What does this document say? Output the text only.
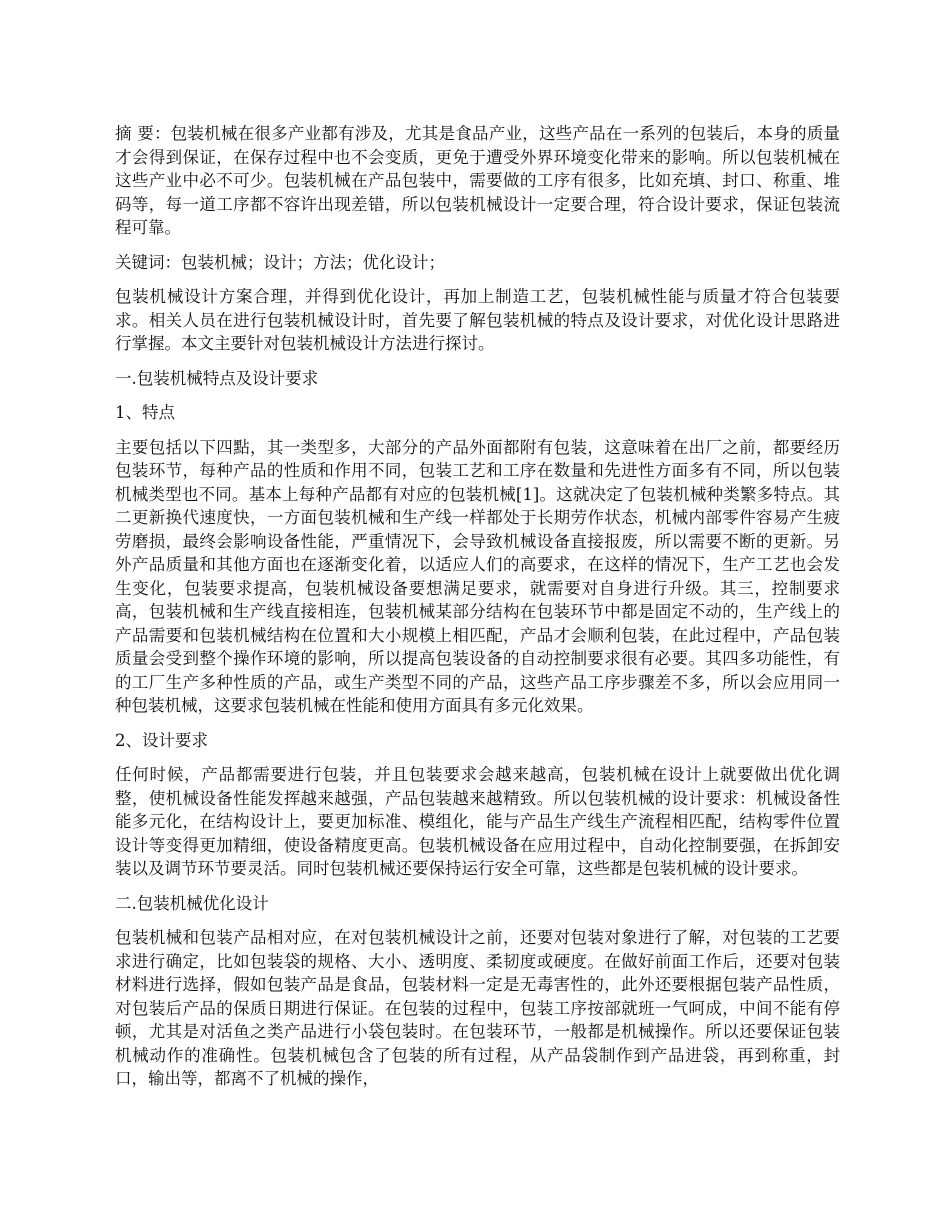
摘 要：包装机械在很多产业都有涉及，尤其是食品产业，这些产品在一系列的包装后，本身的质量才会得到保证，在保存过程中也不会变质，更免于遭受外界环境变化带来的影响。所以包装机械在这些产业中必不可少。包装机械在产品包装中，需要做的工序有很多，比如充填、封口、称重、堆码等，每一道工序都不容许出现差错，所以包装机械设计一定要合理，符合设计要求，保证包装流程可靠。

关键词：包装机械；设计；方法；优化设计；

包装机械设计方案合理，并得到优化设计，再加上制造工艺，包装机械性能与质量才符合包装要求。相关人员在进行包装机械设计时，首先要了解包装机械的特点及设计要求，对优化设计思路进行掌握。本文主要针对包装机械设计方法进行探讨。

一.包装机械特点及设计要求

1、特点

主要包括以下四點，其一类型多，大部分的产品外面都附有包装，这意味着在出厂之前，都要经历包装环节，每种产品的性质和作用不同，包装工艺和工序在数量和先进性方面多有不同，所以包装机械类型也不同。基本上每种产品都有对应的包装机械[1]。这就决定了包装机械种类繁多特点。其二更新换代速度快，一方面包装机械和生产线一样都处于长期劳作状态，机械内部零件容易产生疲劳磨损，最终会影响设备性能，严重情况下，会导致机械设备直接报废，所以需要不断的更新。另外产品质量和其他方面也在逐渐变化着，以适应人们的高要求，在这样的情况下，生产工艺也会发生变化，包装要求提高，包装机械设备要想满足要求，就需要对自身进行升级。其三，控制要求高，包装机械和生产线直接相连，包装机械某部分结构在包装环节中都是固定不动的，生产线上的产品需要和包装机械结构在位置和大小规模上相匹配，产品才会顺利包装，在此过程中，产品包装质量会受到整个操作环境的影响，所以提高包装设备的自动控制要求很有必要。其四多功能性，有的工厂生产多种性质的产品，或生产类型不同的产品，这些产品工序步骤差不多，所以会应用同一种包装机械，这要求包装机械在性能和使用方面具有多元化效果。

2、设计要求

任何时候，产品都需要进行包装，并且包装要求会越来越高，包装机械在设计上就要做出优化调整，使机械设备性能发挥越来越强，产品包装越来越精致。所以包装机械的设计要求：机械设备性能多元化，在结构设计上，要更加标准、模组化，能与产品生产线生产流程相匹配，结构零件位置设计等变得更加精细，使设备精度更高。包装机械设备在应用过程中，自动化控制要强，在拆卸安装以及调节环节要灵活。同时包装机械还要保持运行安全可靠，这些都是包装机械的设计要求。

二.包装机械优化设计

包装机械和包装产品相对应，在对包装机械设计之前，还要对包装对象进行了解，对包装的工艺要求进行确定，比如包装袋的规格、大小、透明度、柔韧度或硬度。在做好前面工作后，还要对包装材料进行选择，假如包装产品是食品，包装材料一定是无毒害性的，此外还要根据包装产品性质，对包装后产品的保质日期进行保证。在包装的过程中，包装工序按部就班一气呵成，中间不能有停顿，尤其是对活鱼之类产品进行小袋包装时。在包装环节，一般都是机械操作。所以还要保证包装机械动作的准确性。包装机械包含了包装的所有过程，从产品袋制作到产品进袋，再到称重，封口，输出等，都离不了机械的操作，
